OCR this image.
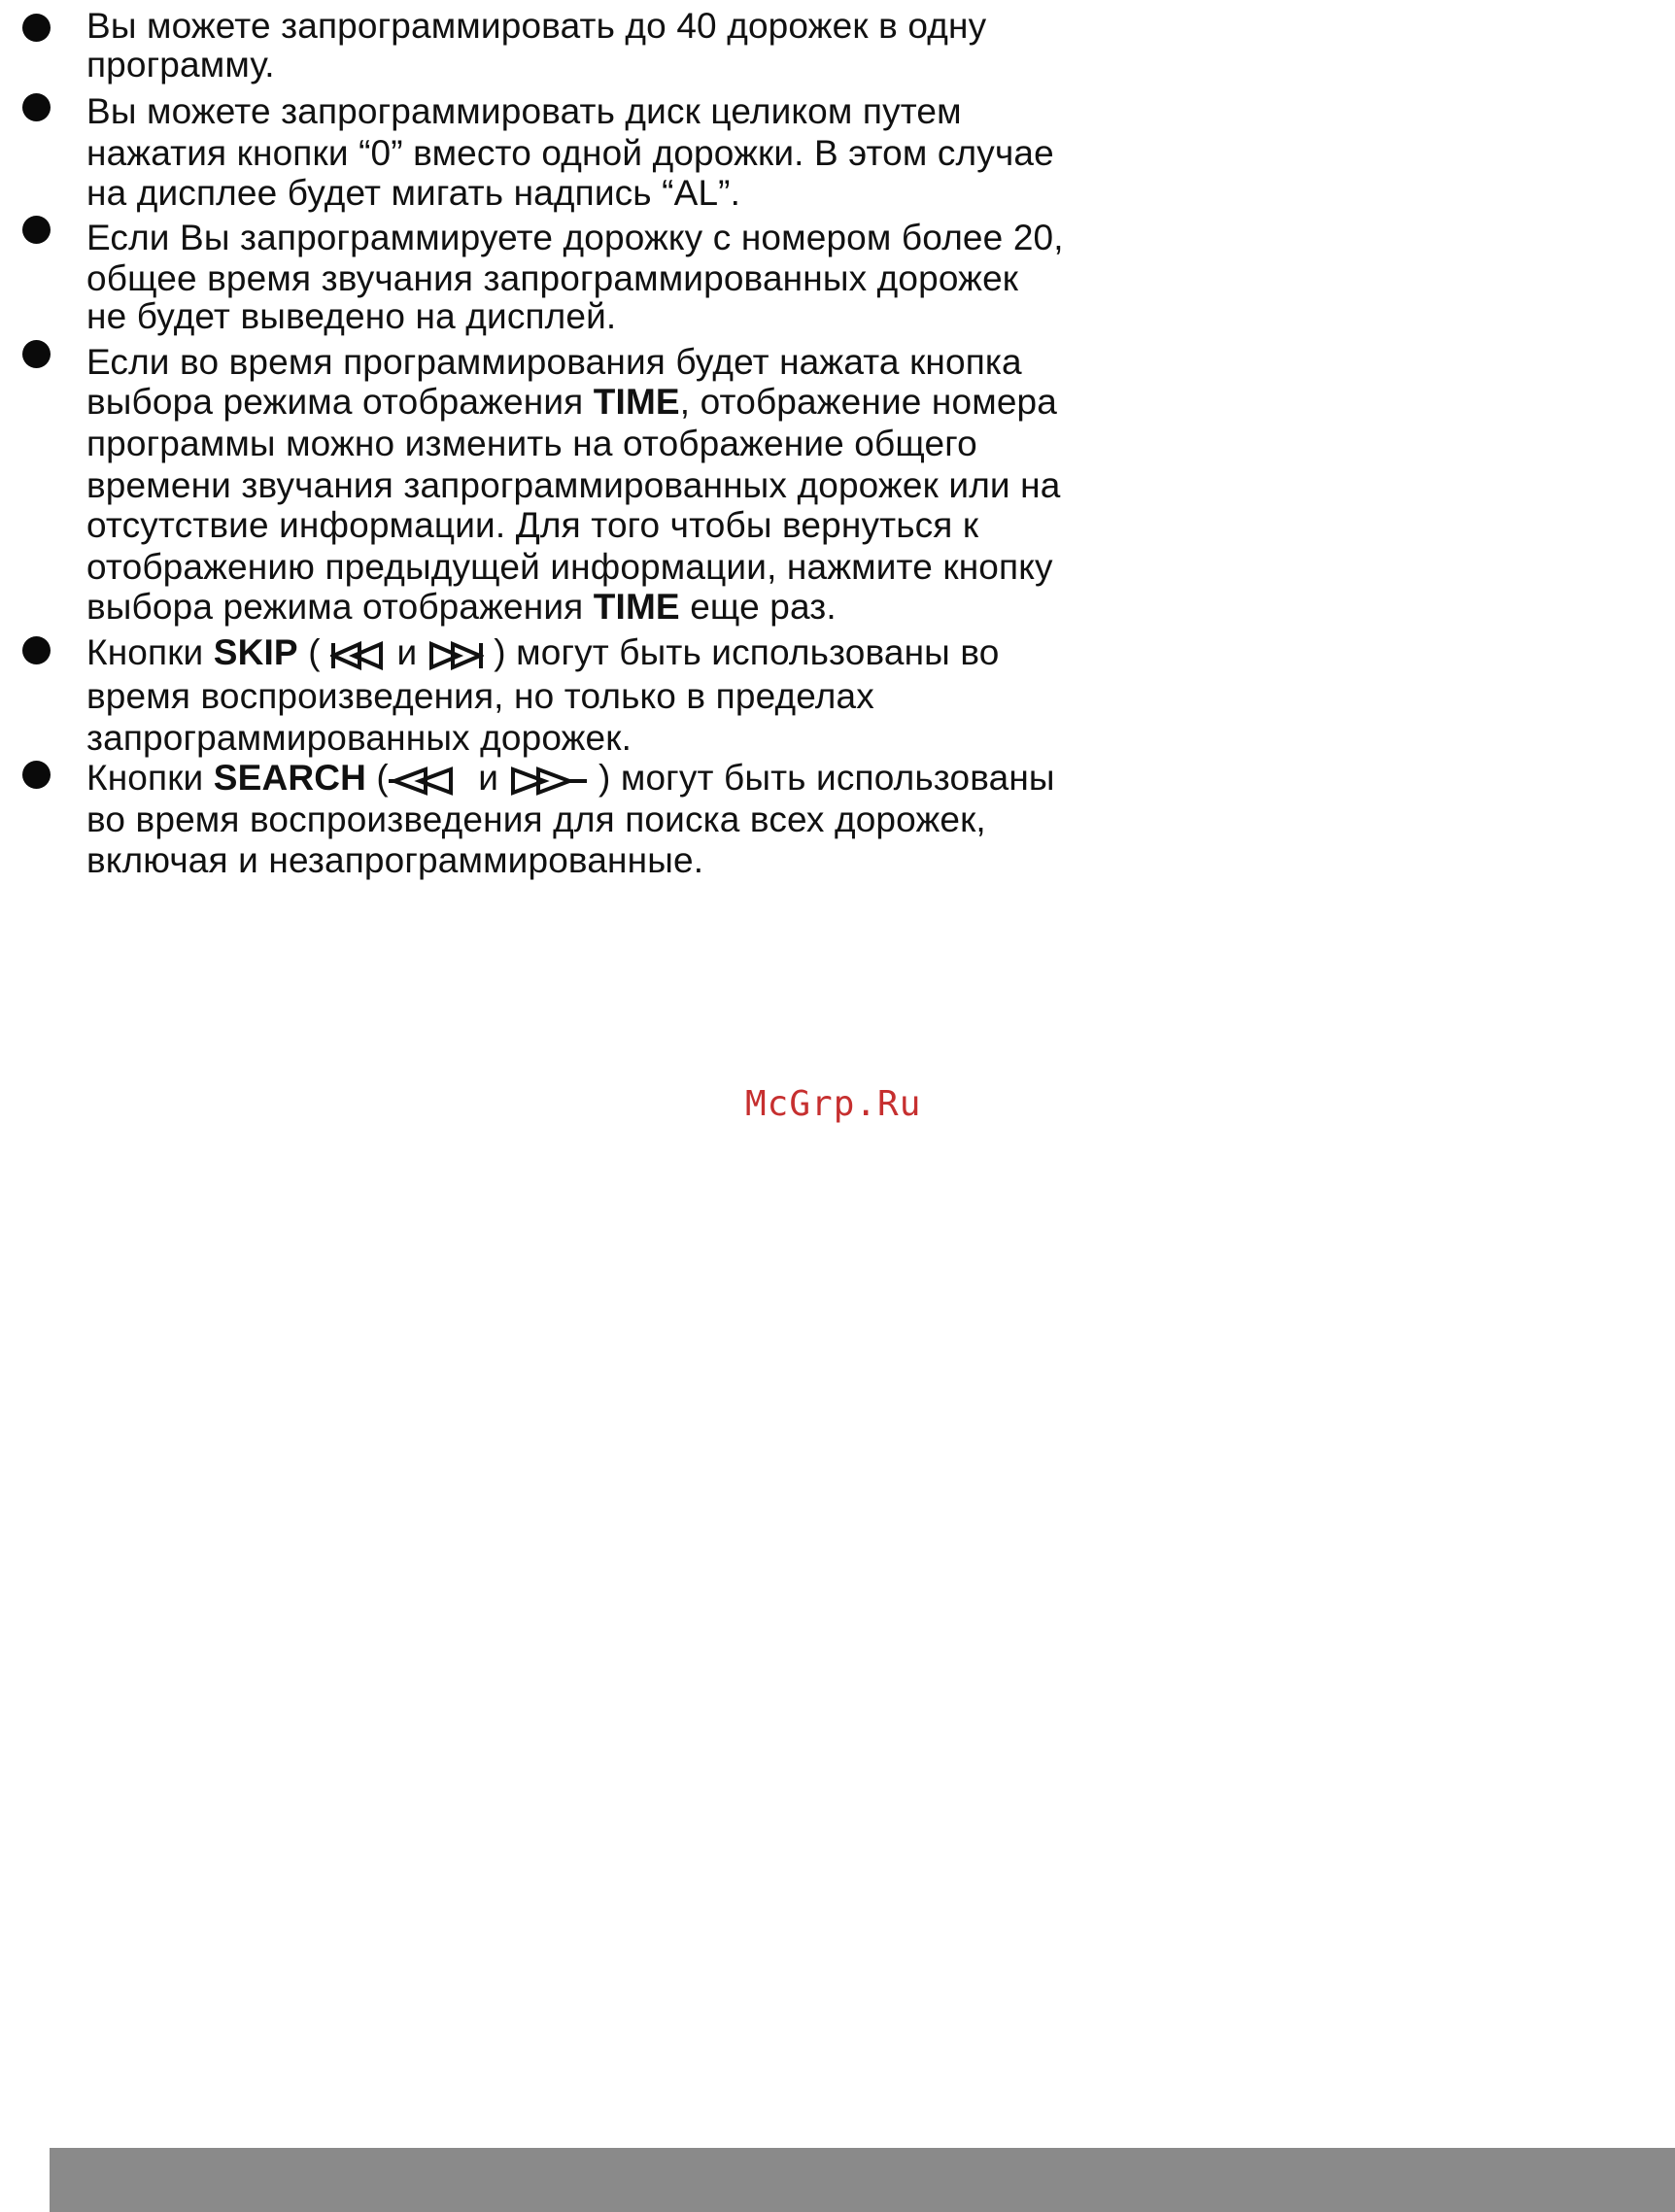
Вы можете запрограммировать до 40 дорожек в одну
программу.
Вы можете запрограммировать диск целиком путем
нажатия кнопки “0” вместо одной дорожки. В этом случае
на дисплее будет мигать надпись “AL”.
Если Вы запрограммируете дорожку с номером более 20,
общее время звучания запрограммированных дорожек
не будет выведено на дисплей.
Если во время программирования будет нажата кнопка
выбора режима отображения TIME, отображение номера
программы можно изменить на отображение общего
времени звучания запрограммированных дорожек или на
отсутствие информации. Для того чтобы вернуться к
отображению предыдущей информации, нажмите кнопку
выбора режима отображения TIME еще раз.
Кнопки SKIP (
и
) могут быть использованы во
время воспроизведения, но только в пределах
запрограммированных дорожек.
Кнопки SEARCH (
и
) могут быть использованы
во время воспроизведения для поиска всех дорожек,
включая и незапрограммированные.
McGrp.Ru
